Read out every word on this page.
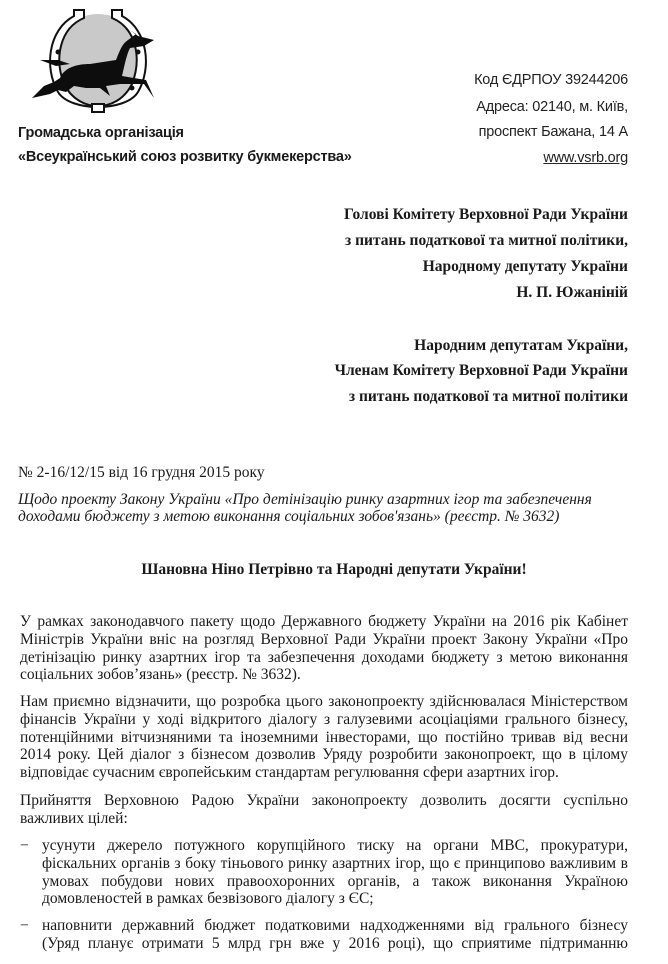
Код ЄДРПОУ 39244206
Адреса: 02140, м. Київ,
проспект Бажана, 14 А
www.vsrb.org
Громадська організація
«Всеукраїнський союз розвитку букмекерства»
Голові Комітету Верховної Ради України
з питань податкової та митної політики,
Народному депутату України
Н. П. Южаніній
Народним депутатам України,
Членам Комітету Верховної Ради України
з питань податкової та митної політики
№ 2-16/12/15 від 16 грудня 2015 року
Щодо проекту Закону України «Про детінізацію ринку азартних ігор та забезпечення
доходами бюджету з метою виконання соціальних зобов'язань» (реєстр. № 3632)
Шановна Ніно Петрівно та Народні депутати України!
У рамках законодавчого пакету щодо Державного бюджету України на 2016 рік Кабінет
Міністрів України вніс на розгляд Верховної Ради України проект Закону України «Про
детінізацію ринку азартних ігор та забезпечення доходами бюджету з метою виконання
соціальних зобов’язань» (реєстр. № 3632).
Нам приємно відзначити, що розробка цього законопроекту здійснювалася Міністерством
фінансів України у ході відкритого діалогу з галузевими асоціаціями грального бізнесу,
потенційними вітчизняними та іноземними інвесторами, що постійно тривав від весни
2014 року. Цей діалог з бізнесом дозволив Уряду розробити законопроект, що в цілому
відповідає сучасним європейським стандартам регулювання сфери азартних ігор.
Прийняття Верховною Радою України законопроекту дозволить досягти суспільно
важливих цілей:
− усунути джерело потужного корупційного тиску на органи МВС, прокуратури,
фіскальних органів з боку тіньового ринку азартних ігор, що є принципово важливим в
умовах побудови нових правоохоронних органів, а також виконання Україною
домовленостей в рамках безвізового діалогу з ЄС;
− наповнити державний бюджет податковими надходженнями від грального бізнесу
(Уряд планує отримати 5 млрд грн вже у 2016 році), що сприятиме підтриманню
